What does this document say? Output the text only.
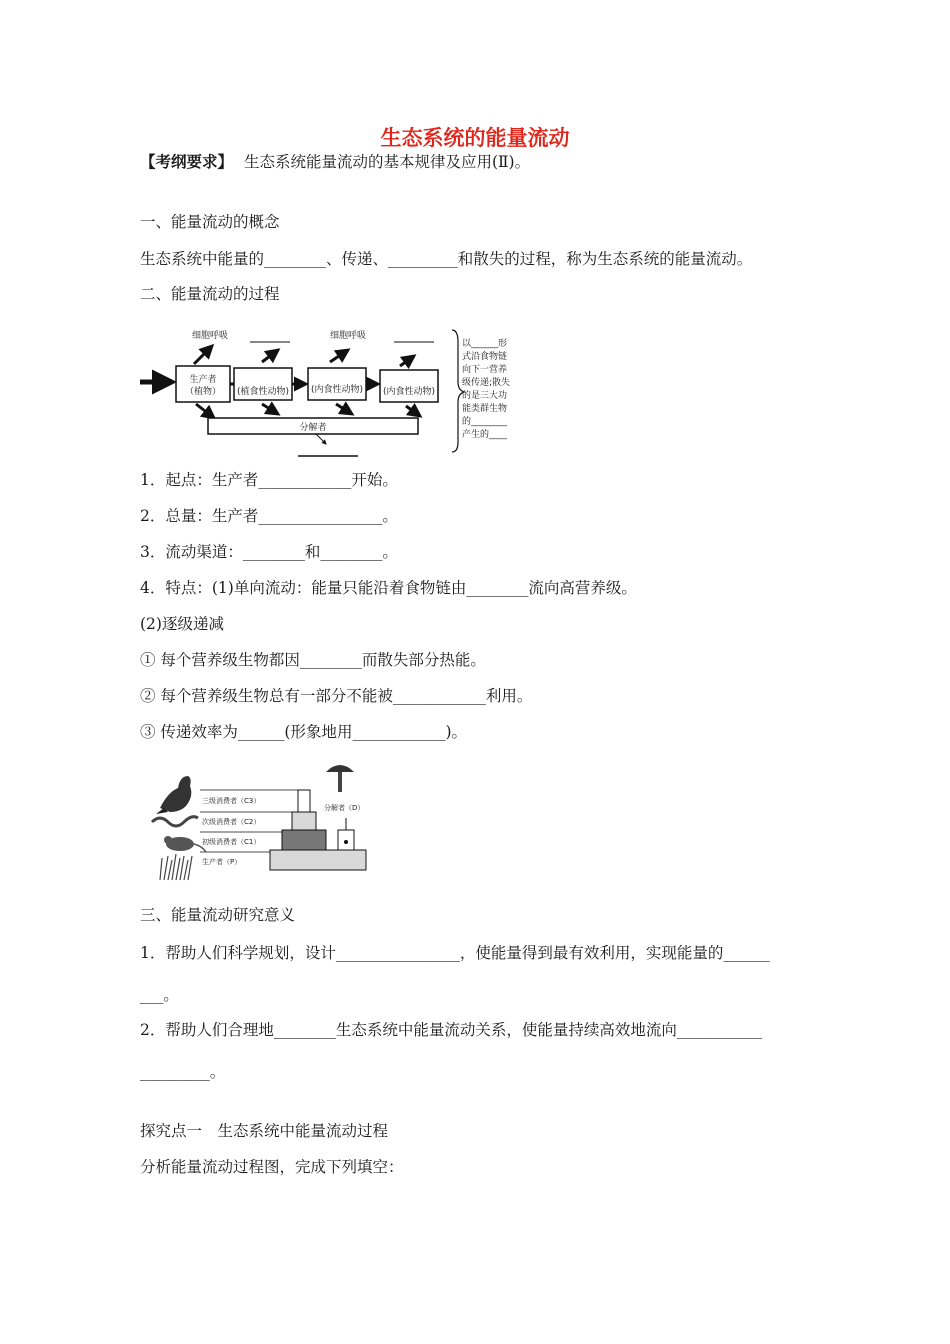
生态系统的能量流动
【考纲要求】 生态系统能量流动的基本规律及应用(Ⅱ)。
一、能量流动的概念
生态系统中能量的________、传递、_________和散失的过程，称为生态系统的能量流动。
二、能量流动的过程
生产者
（植物） (植食性动物) (内食性动物) (内食性动物)
细胞呼吸	细胞呼吸
分解者
以______形
式沿食物链
向下一营养
级传递;散失
的是三大功
能类群生物
的________
产生的____
1．起点：生产者____________开始。
2．总量：生产者________________。
3．流动渠道：________和________。
4．特点：(1)单向流动：能量只能沿着食物链由________流向高营养级。
(2)逐级递减
① 每个营养级生物都因________而散失部分热能。
② 每个营养级生物总有一部分不能被____________利用。
③ 传递效率为______(形象地用____________)。
三级消费者（C3）
次级消费者（C2）
初级消费者（C1）
生产者（P）
分解者（D）
三、能量流动研究意义
1．帮助人们科学规划，设计________________，使能量得到最有效利用，实现能量的______
___。
2．帮助人们合理地________生态系统中能量流动关系，使能量持续高效地流向___________
_________。
探究点一　生态系统中能量流动过程
分析能量流动过程图，完成下列填空：
